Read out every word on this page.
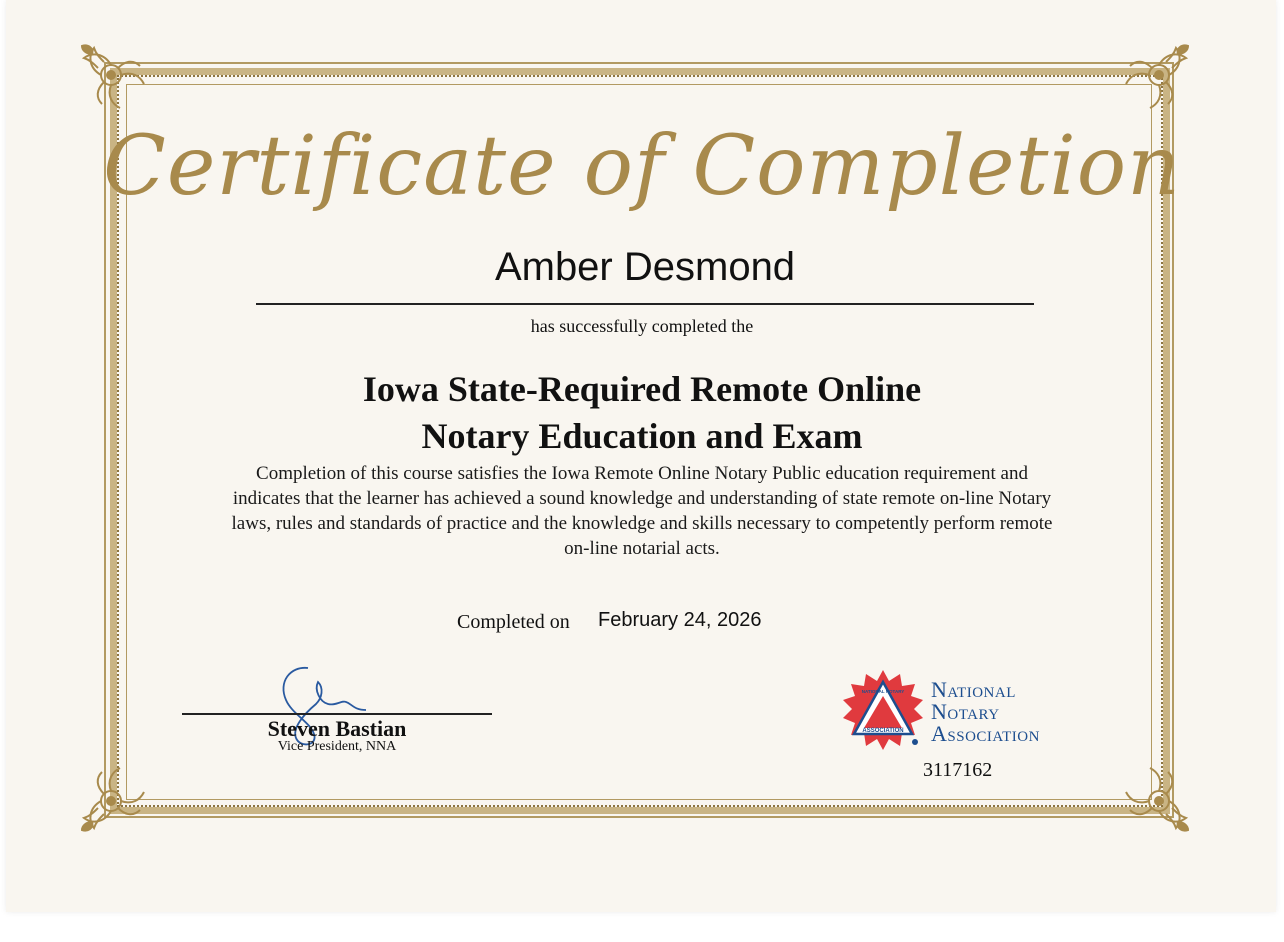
Certificate of Completion
Amber Desmond
has successfully completed the
Iowa State-Required Remote Online
Notary Education and Exam
Completion of this course satisfies the Iowa Remote Online Notary Public education requirement and indicates that the learner has achieved a sound knowledge and understanding of state remote on-line Notary laws, rules and standards of practice and the knowledge and skills necessary to competently perform remote on-line notarial acts.
Completed on February 24, 2026
Steven Bastian
Vice President, NNA
ASSOCIATION
NATIONAL NOTARY National
Notary
Association
3117162
